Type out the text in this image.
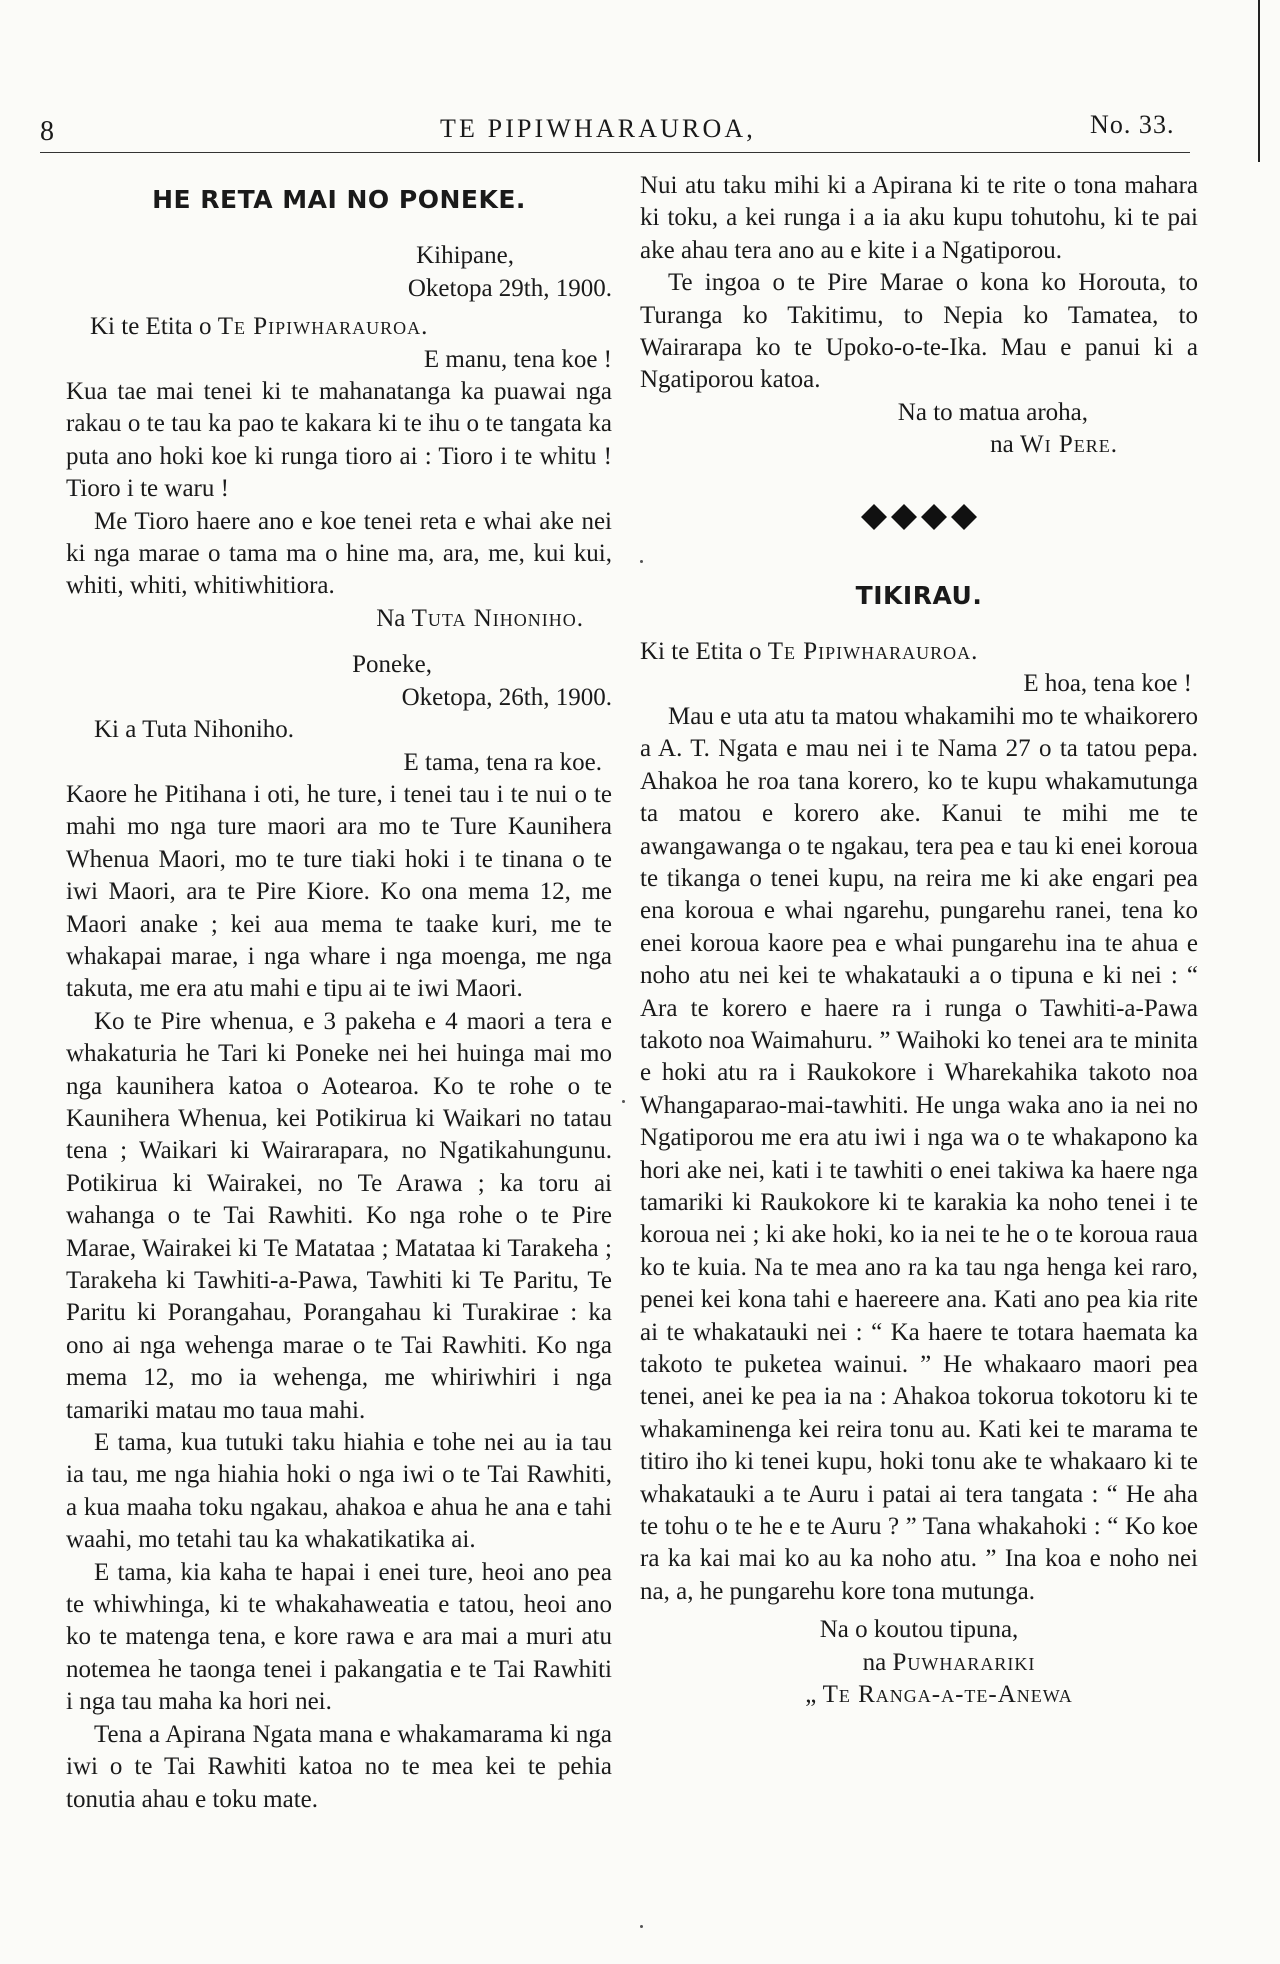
8	TE PIPIWHARAUROA,	No. 33.

HE RETA MAI NO PONEKE.

Kihipane,

Oketopa 29th, 1900.

Ki te Etita o Te Pipiwharauroa.

E manu, tena koe !

Kua tae mai tenei ki te mahanatanga ka puawai nga rakau o te tau ka pao te kakara ki te ihu o te tangata ka puta ano hoki koe ki runga tioro ai : Tioro i te whitu ! Tioro i te waru !

Me Tioro haere ano e koe tenei reta e whai ake nei ki nga marae o tama ma o hine ma, ara, me, kui kui, whiti, whiti, whitiwhitiora.

Na Tuta Nihoniho.

Poneke,

Oketopa, 26th, 1900.

Ki a Tuta Nihoniho.

E tama, tena ra koe.

Kaore he Pitihana i oti, he ture, i tenei tau i te nui o te mahi mo nga ture maori ara mo te Ture Kaunihera Whenua Maori, mo te ture tiaki hoki i te tinana o te iwi Maori, ara te Pire Kiore. Ko ona mema 12, me Maori anake ; kei aua mema te taake kuri, me te whakapai marae, i nga whare i nga moenga, me nga takuta, me era atu mahi e tipu ai te iwi Maori.

Ko te Pire whenua, e 3 pakeha e 4 maori a tera e whakaturia he Tari ki Poneke nei hei huinga mai mo nga kaunihera katoa o Aotearoa. Ko te rohe o te Kaunihera Whenua, kei Potikirua ki Waikari no tatau tena ; Waikari ki Wairarapara, no Ngatikahungunu. Potikirua ki Wairakei, no Te Arawa ; ka toru ai wahanga o te Tai Rawhiti. Ko nga rohe o te Pire Marae, Wairakei ki Te Matataa ; Matataa ki Tarakeha ; Tarakeha ki Tawhiti-a-Pawa, Tawhiti ki Te Paritu, Te Paritu ki Porangahau, Porangahau ki Turakirae : ka ono ai nga wehenga marae o te Tai Rawhiti. Ko nga mema 12, mo ia wehenga, me whiriwhiri i nga tamariki matau mo taua mahi.

E tama, kua tutuki taku hiahia e tohe nei au ia tau ia tau, me nga hiahia hoki o nga iwi o te Tai Rawhiti, a kua maaha toku ngakau, ahakoa e ahua he ana e tahi waahi, mo tetahi tau ka whakatikatika ai.

E tama, kia kaha te hapai i enei ture, heoi ano pea te whiwhinga, ki te whakahaweatia e tatou, heoi ano ko te matenga tena, e kore rawa e ara mai a muri atu notemea he taonga tenei i pakangatia e te Tai Rawhiti i nga tau maha ka hori nei.

Tena a Apirana Ngata mana e whakamarama ki nga iwi o te Tai Rawhiti katoa no te mea kei te pehia tonutia ahau e toku mate.

Nui atu taku mihi ki a Apirana ki te rite o tona mahara ki toku, a kei runga i a ia aku kupu tohutohu, ki te pai ake ahau tera ano au e kite i a Ngatiporou.

Te ingoa o te Pire Marae o kona ko Horouta, to Turanga ko Takitimu, to Nepia ko Tamatea, to Wairarapa ko te Upoko-o-te-Ika. Mau e panui ki a Ngatiporou katoa.

Na to matua aroha,

na Wi Pere.

TIKIRAU.

Ki te Etita o Te Pipiwharauroa.

E hoa, tena koe !

Mau e uta atu ta matou whakamihi mo te whaikorero a A. T. Ngata e mau nei i te Nama 27 o ta tatou pepa. Ahakoa he roa tana korero, ko te kupu whakamutunga ta matou e korero ake. Kanui te mihi me te awangawanga o te ngakau, tera pea e tau ki enei koroua te tikanga o tenei kupu, na reira me ki ake engari pea ena koroua e whai ngarehu, pungarehu ranei, tena ko enei koroua kaore pea e whai pungarehu ina te ahua e noho atu nei kei te whakatauki a o tipuna e ki nei : “ Ara te korero e haere ra i runga o Tawhiti-a-Pawa takoto noa Waimahuru. ” Waihoki ko tenei ara te minita e hoki atu ra i Raukokore i Wharekahika takoto noa Whangaparao-mai-tawhiti. He unga waka ano ia nei no Ngatiporou me era atu iwi i nga wa o te whakapono ka hori ake nei, kati i te tawhiti o enei takiwa ka haere nga tamariki ki Raukokore ki te karakia ka noho tenei i te koroua nei ; ki ake hoki, ko ia nei te he o te koroua raua ko te kuia. Na te mea ano ra ka tau nga henga kei raro, penei kei kona tahi e haereere ana. Kati ano pea kia rite ai te whakatauki nei : “ Ka haere te totara haemata ka takoto te puketea wainui. ” He whakaaro maori pea tenei, anei ke pea ia na : Ahakoa tokorua tokotoru ki te whakaminenga kei reira tonu au. Kati kei te marama te titiro iho ki tenei kupu, hoki tonu ake te whakaaro ki te whakatauki a te Auru i patai ai tera tangata : “ He aha te tohu o te he e te Auru ? ” Tana whakahoki : “ Ko koe ra ka kai mai ko au ka noho atu. ” Ina koa e noho nei na, a, he pungarehu kore tona mutunga.

Na o koutou tipuna,

na Puwharariki

„ Te Ranga-a-te-Anewa
